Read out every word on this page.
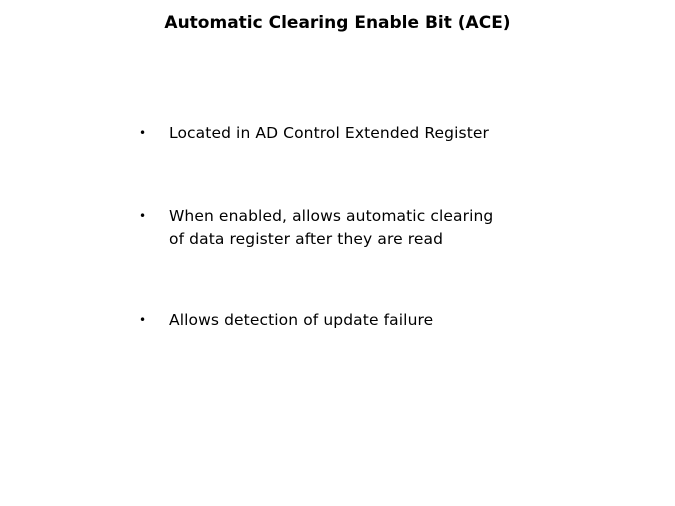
Automatic Clearing Enable Bit (ACE)
• Located in AD Control Extended Register
• When enabled, allows automatic clearing
of data register after they are read
• Allows detection of update failure
